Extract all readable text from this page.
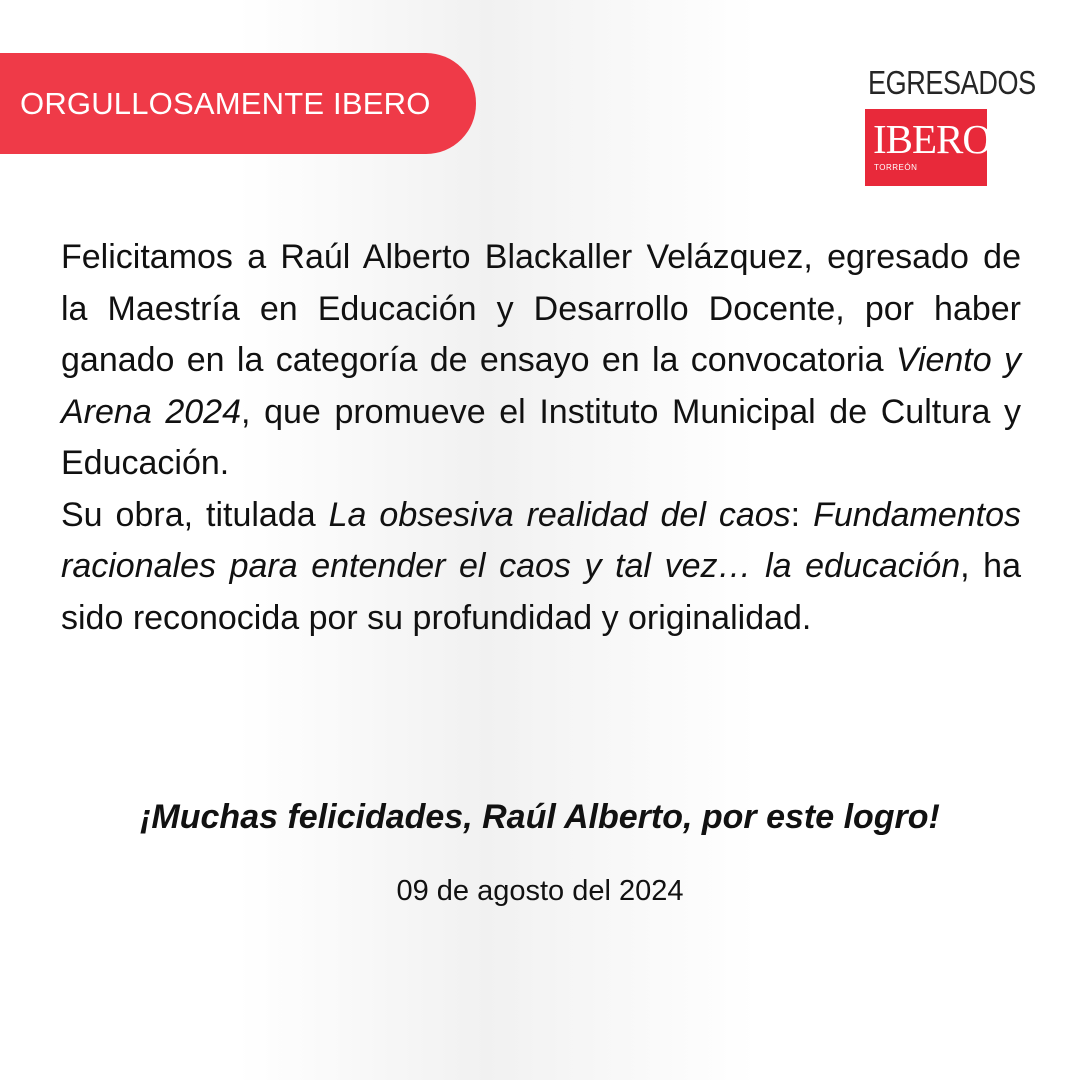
ORGULLOSAMENTE IBERO
EGRESADOS
IBERO
TORREÓN

Felicitamos a Raúl Alberto Blackaller Velázquez, egresado de la Maestría en Educación y Desarrollo Docente, por haber ganado en la categoría de ensayo en la convocatoria Viento y Arena 2024, que promueve el Instituto Municipal de Cultura y Educación.

Su obra, titulada La obsesiva realidad del caos: Fundamentos racionales para entender el caos y tal vez… la educación, ha sido reconocida por su profundidad y originalidad.

¡Muchas felicidades, Raúl Alberto, por este logro!

09 de agosto del 2024
